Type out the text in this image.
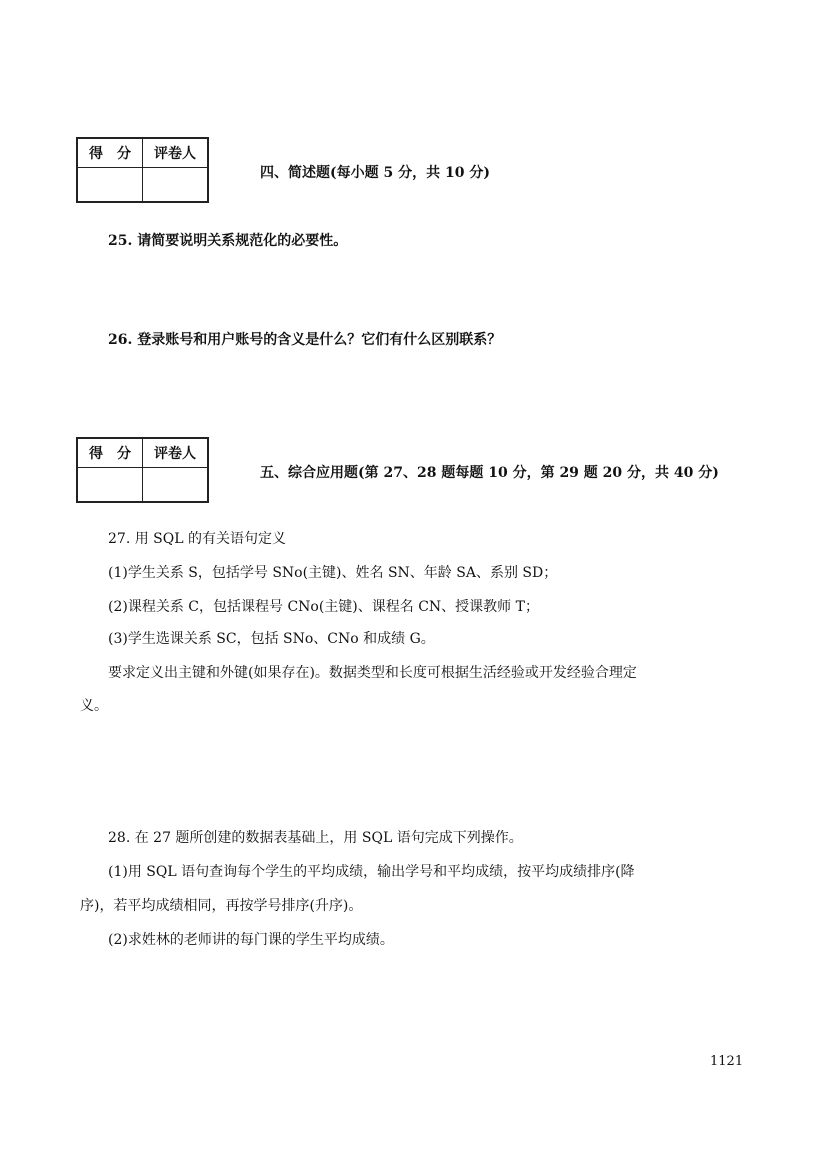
得　分	评卷人

四、简述题(每小题 5 分，共 10 分)
25. 请简要说明关系规范化的必要性。
26. 登录账号和用户账号的含义是什么？它们有什么区别联系？
得　分	评卷人

五、综合应用题(第 27、28 题每题 10 分，第 29 题 20 分，共 40 分)
27. 用 SQL 的有关语句定义
(1)学生关系 S，包括学号 SNo(主键)、姓名 SN、年龄 SA、系别 SD；
(2)课程关系 C，包括课程号 CNo(主键)、课程名 CN、授课教师 T；
(3)学生选课关系 SC，包括 SNo、CNo 和成绩 G。
要求定义出主键和外键(如果存在)。数据类型和长度可根据生活经验或开发经验合理定
义。
28. 在 27 题所创建的数据表基础上，用 SQL 语句完成下列操作。
(1)用 SQL 语句查询每个学生的平均成绩，输出学号和平均成绩，按平均成绩排序(降
序)，若平均成绩相同，再按学号排序(升序)。
(2)求姓林的老师讲的每门课的学生平均成绩。
1121
